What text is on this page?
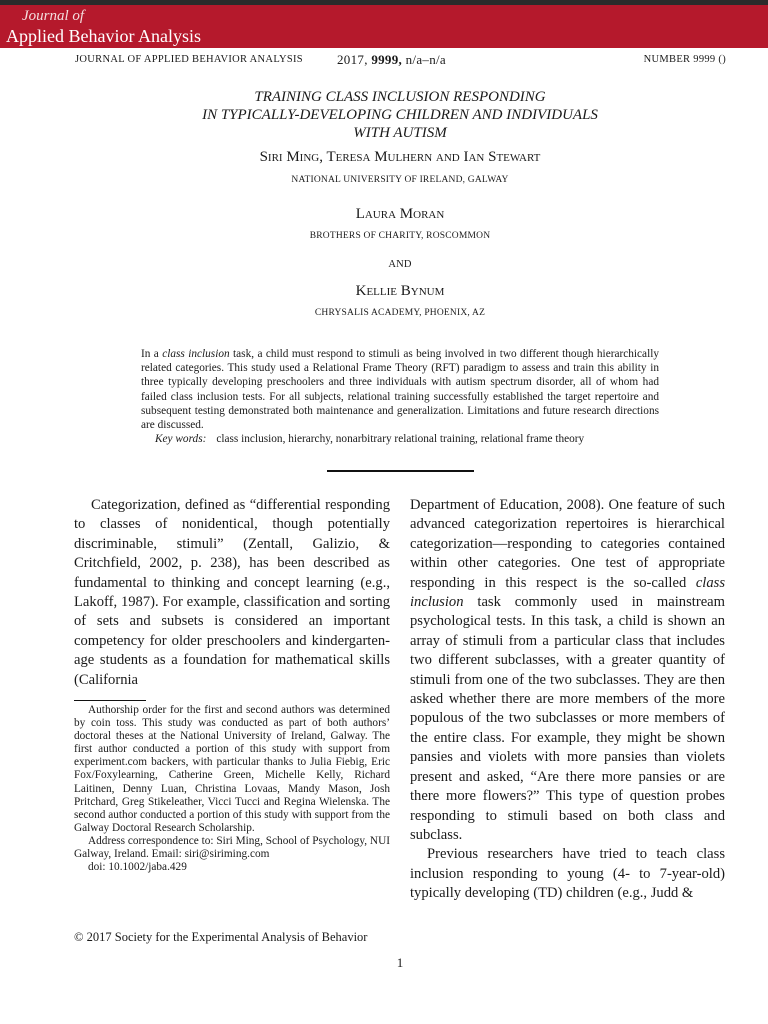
Journal of
Applied Behavior Analysis
JOURNAL OF APPLIED BEHAVIOR ANALYSIS	2017, 9999, n/a–n/a	NUMBER 9999 ()
TRAINING CLASS INCLUSION RESPONDING
IN TYPICALLY-DEVELOPING CHILDREN AND INDIVIDUALS
WITH AUTISM
Siri Ming, Teresa Mulhern and Ian Stewart
NATIONAL UNIVERSITY OF IRELAND, GALWAY
Laura Moran
BROTHERS OF CHARITY, ROSCOMMON
AND
Kellie Bynum
CHRYSALIS ACADEMY, PHOENIX, AZ
In a class inclusion task, a child must respond to stimuli as being involved in two different though hierarchically related categories. This study used a Relational Frame Theory (RFT) paradigm to assess and train this ability in three typically developing preschoolers and three individuals with autism spectrum disorder, all of whom had failed class inclusion tests. For all subjects, relational training successfully established the target repertoire and subsequent testing demonstrated both maintenance and generalization. Limitations and future research directions are discussed.
Key words: class inclusion, hierarchy, nonarbitrary relational training, relational frame theory

Categorization, defined as “differential responding to classes of nonidentical, though potentially discriminable, stimuli” (Zentall, Galizio, & Critchfield, 2002, p. 238), has been described as fundamental to thinking and concept learning (e.g., Lakoff, 1987). For example, classification and sorting of sets and subsets is considered an important competency for older preschoolers and kindergarten-age students as a foundation for mathematical skills (California

Authorship order for the first and second authors was determined by coin toss. This study was conducted as part of both authors’ doctoral theses at the National University of Ireland, Galway. The first author conducted a portion of this study with support from experiment.com backers, with particular thanks to Julia Fiebig, Eric Fox/Foxylearning, Catherine Green, Michelle Kelly, Richard Laitinen, Denny Luan, Christina Lovaas, Mandy Mason, Josh Pritchard, Greg Stikeleather, Vicci Tucci and Regina Wielenska. The second author conducted a portion of this study with support from the Galway Doctoral Research Scholarship.

Address correspondence to: Siri Ming, School of Psychology, NUI Galway, Ireland. Email: siri@siriming.com

doi: 10.1002/jaba.429

Department of Education, 2008). One feature of such advanced categorization repertoires is hierarchical categorization—responding to categories contained within other categories. One test of appropriate responding in this respect is the so-called class inclusion task commonly used in mainstream psychological tests. In this task, a child is shown an array of stimuli from a particular class that includes two different subclasses, with a greater quantity of stimuli from one of the two subclasses. They are then asked whether there are more members of the more populous of the two subclasses or more members of the entire class. For example, they might be shown pansies and violets with more pansies than violets present and asked, “Are there more pansies or are there more flowers?” This type of question probes responding to stimuli based on both class and subclass.

Previous researchers have tried to teach class inclusion responding to young (4- to 7-year-old) typically developing (TD) children (e.g., Judd &

© 2017 Society for the Experimental Analysis of Behavior
1
